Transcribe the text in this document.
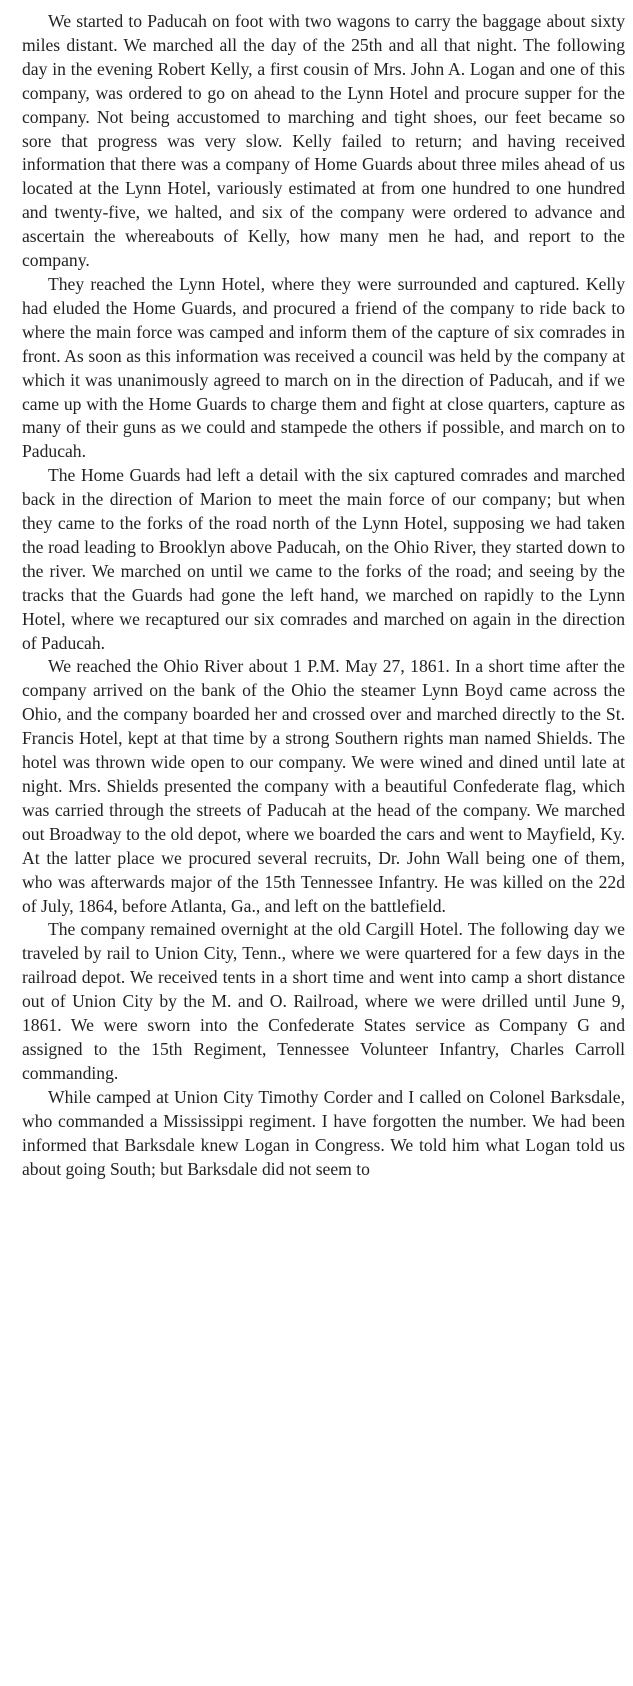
We started to Paducah on foot with two wagons to carry the baggage about sixty miles distant. We marched all the day of the 25th and all that night. The following day in the evening Robert Kelly, a first cousin of Mrs. John A. Logan and one of this company, was ordered to go on ahead to the Lynn Hotel and procure supper for the company. Not being accustomed to marching and tight shoes, our feet became so sore that progress was very slow. Kelly failed to return; and having received information that there was a company of Home Guards about three miles ahead of us located at the Lynn Hotel, variously estimated at from one hundred to one hundred and twenty-five, we halted, and six of the company were ordered to advance and ascertain the whereabouts of Kelly, how many men he had, and report to the company.

They reached the Lynn Hotel, where they were surrounded and captured. Kelly had eluded the Home Guards, and procured a friend of the company to ride back to where the main force was camped and inform them of the capture of six comrades in front. As soon as this information was received a council was held by the company at which it was unanimously agreed to march on in the direction of Paducah, and if we came up with the Home Guards to charge them and fight at close quarters, capture as many of their guns as we could and stampede the others if possible, and march on to Paducah.

The Home Guards had left a detail with the six captured comrades and marched back in the direction of Marion to meet the main force of our company; but when they came to the forks of the road north of the Lynn Hotel, supposing we had taken the road leading to Brooklyn above Paducah, on the Ohio River, they started down to the river. We marched on until we came to the forks of the road; and seeing by the tracks that the Guards had gone the left hand, we marched on rapidly to the Lynn Hotel, where we recaptured our six comrades and marched on again in the direction of Paducah.

We reached the Ohio River about 1 P.M. May 27, 1861. In a short time after the company arrived on the bank of the Ohio the steamer Lynn Boyd came across the Ohio, and the company boarded her and crossed over and marched directly to the St. Francis Hotel, kept at that time by a strong Southern rights man named Shields. The hotel was thrown wide open to our company. We were wined and dined until late at night. Mrs. Shields presented the company with a beautiful Confederate flag, which was carried through the streets of Paducah at the head of the company. We marched out Broadway to the old depot, where we boarded the cars and went to Mayfield, Ky. At the latter place we procured several recruits, Dr. John Wall being one of them, who was afterwards major of the 15th Tennessee Infantry. He was killed on the 22d of July, 1864, before Atlanta, Ga., and left on the battlefield.

The company remained overnight at the old Cargill Hotel. The following day we traveled by rail to Union City, Tenn., where we were quartered for a few days in the railroad depot. We received tents in a short time and went into camp a short distance out of Union City by the M. and O. Railroad, where we were drilled until June 9, 1861. We were sworn into the Confederate States service as Company G and assigned to the 15th Regiment, Tennessee Volunteer Infantry, Charles Carroll commanding.

While camped at Union City Timothy Corder and I called on Colonel Barksdale, who commanded a Mississippi regiment. I have forgotten the number. We had been informed that Barksdale knew Logan in Congress. We told him what Logan told us about going South; but Barksdale did not seem to
